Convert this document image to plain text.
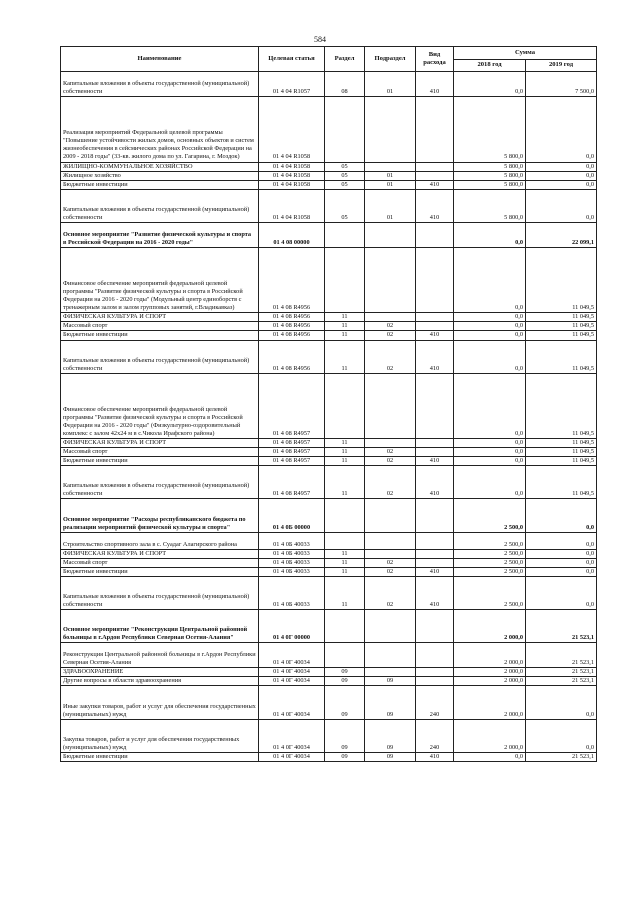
584
Наименование	Целевая статья	Раздел	Подраздел	Вид расхода	Сумма	
					2018 год	2019 год
Капитальные вложения в объекты государственной (муниципальной) собственности	01 4 04 R1057	08	01	410	0,0	7 500,0
Реализация мероприятий Федеральной целевой программы "Повышение устойчивости жилых домов, основных объектов и систем жизнеобеспечения в сейсмических районах Российской Федерации на 2009 - 2018 годы" (33-кв. жилого дома по ул. Гагарина, г. Моздок)	01 4 04 R1058				5 800,0	0,0
ЖИЛИЩНО-КОММУНАЛЬНОЕ ХОЗЯЙСТВО	01 4 04 R1058	05			5 800,0	0,0
Жилищное хозяйство	01 4 04 R1058	05	01		5 800,0	0,0
Бюджетные инвестиции	01 4 04 R1058	05	01	410	5 800,0	0,0
Капитальные вложения в объекты государственной (муниципальной) собственности	01 4 04 R1058	05	01	410	5 800,0	0,0
Основное мероприятие "Развитие физической культуры и спорта в Российской Федерации на 2016 - 2020 годы"	01 4 08 00000				0,0	22 099,1
Финансовое обеспечение мероприятий федеральной целевой программы "Развитие физической культуры и спорта в Российской Федерации на 2016 - 2020 годы" (Модульный центр единоборств с тренажерным залом и залом групповых занятий, г.Владикавказ)	01 4 08 R4956				0,0	11 049,5
ФИЗИЧЕСКАЯ КУЛЬТУРА И СПОРТ	01 4 08 R4956	11			0,0	11 049,5
Массовый спорт	01 4 08 R4956	11	02		0,0	11 049,5
Бюджетные инвестиции	01 4 08 R4956	11	02	410	0,0	11 049,5
Капитальные вложения в объекты государственной (муниципальной) собственности	01 4 08 R4956	11	02	410	0,0	11 049,5
Финансовое обеспечение мероприятий федеральной целевой программы "Развитие физической культуры и спорта в Российской Федерации на 2016 - 2020 годы" (Физкультурно-оздоровительный комплекс с залом 42х24 м в с.Чикола Ирафского района)	01 4 08 R4957				0,0	11 049,5
ФИЗИЧЕСКАЯ КУЛЬТУРА И СПОРТ	01 4 08 R4957	11			0,0	11 049,5
Массовый спорт	01 4 08 R4957	11	02		0,0	11 049,5
Бюджетные инвестиции	01 4 08 R4957	11	02	410	0,0	11 049,5
Капитальные вложения в объекты государственной (муниципальной) собственности	01 4 08 R4957	11	02	410	0,0	11 049,5
Основное мероприятие "Расходы республиканского бюджета по реализации мероприятий физической культуры и спорта"	01 4 0Б 00000				2 500,0	0,0
Строительство спортивного зала в с. Суадаг Алагирского района	01 4 0Б 40033				2 500,0	0,0
ФИЗИЧЕСКАЯ КУЛЬТУРА И СПОРТ	01 4 0Б 40033	11			2 500,0	0,0
Массовый спорт	01 4 0Б 40033	11	02		2 500,0	0,0
Бюджетные инвестиции	01 4 0Б 40033	11	02	410	2 500,0	0,0
Капитальные вложения в объекты государственной (муниципальной) собственности	01 4 0Б 40033	11	02	410	2 500,0	0,0
Основное мероприятие "Реконструкция Центральной районной больницы в г.Ардон Республики Северная Осетия-Алания"	01 4 0Г 00000				2 000,0	21 523,1
Реконструкция Центральной районной больницы в г.Ардон Республики Северная Осетия-Алания	01 4 0Г 40034				2 000,0	21 523,1
ЗДРАВООХРАНЕНИЕ	01 4 0Г 40034	09			2 000,0	21 523,1
Другие вопросы в области здравоохранения	01 4 0Г 40034	09	09		2 000,0	21 523,1
Иные закупки товаров, работ и услуг для обеспечения государственных (муниципальных) нужд	01 4 0Г 40034	09	09	240	2 000,0	0,0
Закупка товаров, работ и услуг для обеспечения государственных (муниципальных) нужд	01 4 0Г 40034	09	09	240	2 000,0	0,0
Бюджетные инвестиции	01 4 0Г 40034	09	09	410	0,0	21 523,1
